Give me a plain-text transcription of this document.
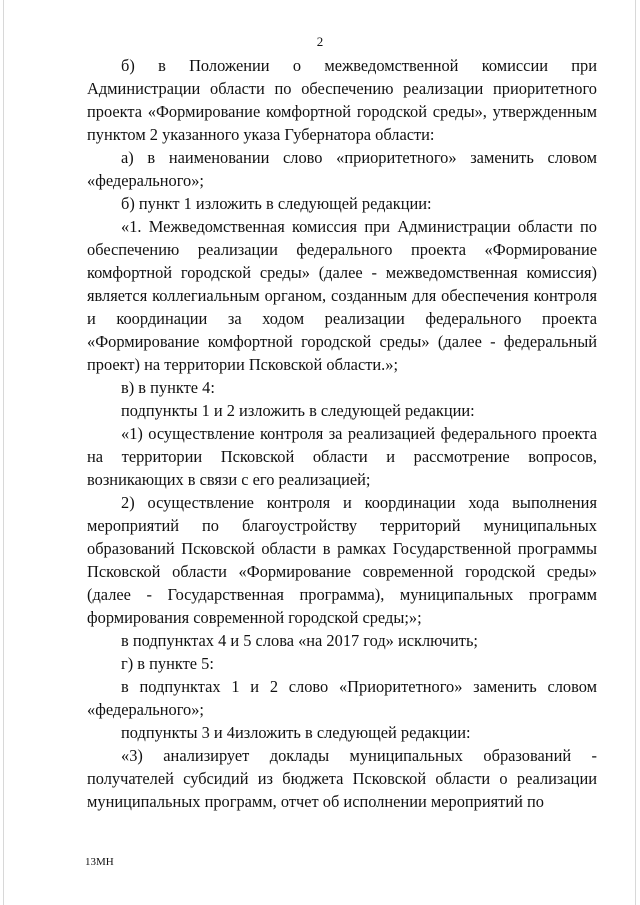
2

б) в Положении о межведомственной комиссии при Администрации области по обеспечению реализации приоритетного проекта «Формирование комфортной городской среды», утвержденным пунктом 2 указанного указа Губернатора области:

а) в наименовании слово «приоритетного» заменить словом «федерального»;

б) пункт 1 изложить в следующей редакции:

«1. Межведомственная комиссия при Администрации области по обеспечению реализации федерального проекта «Формирование комфортной городской среды» (далее - межведомственная комиссия) является коллегиальным органом, созданным для обеспечения контроля и координации за ходом реализации федерального проекта «Формирование комфортной городской среды» (далее - федеральный проект) на территории Псковской области.»;

в) в пункте 4:

подпункты 1 и 2 изложить в следующей редакции:

«1) осуществление контроля за реализацией федерального проекта на территории Псковской области и рассмотрение вопросов, возникающих в связи с его реализацией;

2) осуществление контроля и координации хода выполнения мероприятий по благоустройству территорий муниципальных образований Псковской области в рамках Государственной программы Псковской области «Формирование современной городской среды» (далее - Государственная программа), муниципальных программ формирования современной городской среды;»;

в подпунктах 4 и 5 слова «на 2017 год» исключить;

г) в пункте 5:

в подпунктах 1 и 2 слово «Приоритетного» заменить словом «федерального»;

подпункты 3 и 4изложить в следующей редакции:

«3) анализирует доклады муниципальных образований - получателей субсидий из бюджета Псковской области о реализации муниципальных программ, отчет об исполнении мероприятий по

13МН
